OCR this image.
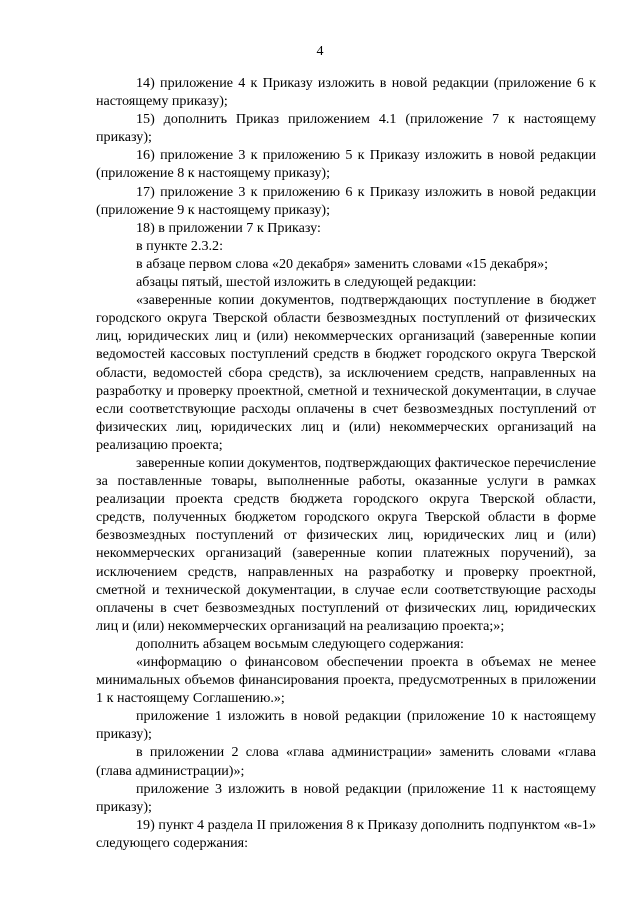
4

14) приложение 4 к Приказу изложить в новой редакции (приложение 6 к настоящему приказу);

15) дополнить Приказ приложением 4.1 (приложение 7 к настоящему приказу);

16) приложение 3 к приложению 5 к Приказу изложить в новой редакции (приложение 8 к настоящему приказу);

17) приложение 3 к приложению 6 к Приказу изложить в новой редакции (приложение 9 к настоящему приказу);

18) в приложении 7 к Приказу:

в пункте 2.3.2:

в абзаце первом слова «20 декабря» заменить словами «15 декабря»;

абзацы пятый, шестой изложить в следующей редакции:

«заверенные копии документов, подтверждающих поступление в бюджет городского округа Тверской области безвозмездных поступлений от физических лиц, юридических лиц и (или) некоммерческих организаций (заверенные копии ведомостей кассовых поступлений средств в бюджет городского округа Тверской области, ведомостей сбора средств), за исключением средств, направленных на разработку и проверку проектной, сметной и технической документации, в случае если соответствующие расходы оплачены в счет безвозмездных поступлений от физических лиц, юридических лиц и (или) некоммерческих организаций на реализацию проекта;

заверенные копии документов, подтверждающих фактическое перечисление за поставленные товары, выполненные работы, оказанные услуги в рамках реализации проекта средств бюджета городского округа Тверской области, средств, полученных бюджетом городского округа Тверской области в форме безвозмездных поступлений от физических лиц, юридических лиц и (или) некоммерческих организаций (заверенные копии платежных поручений), за исключением средств, направленных на разработку и проверку проектной, сметной и технической документации, в случае если соответствующие расходы оплачены в счет безвозмездных поступлений от физических лиц, юридических лиц и (или) некоммерческих организаций на реализацию проекта;»;

дополнить абзацем восьмым следующего содержания:

«информацию о финансовом обеспечении проекта в объемах не менее минимальных объемов финансирования проекта, предусмотренных в приложении 1 к настоящему Соглашению.»;

приложение 1 изложить в новой редакции (приложение 10 к настоящему приказу);

в приложении 2 слова «глава администрации» заменить словами «глава (глава администрации)»;

приложение 3 изложить в новой редакции (приложение 11 к настоящему приказу);

19) пункт 4 раздела II приложения 8 к Приказу дополнить подпунктом «в-1» следующего содержания:
